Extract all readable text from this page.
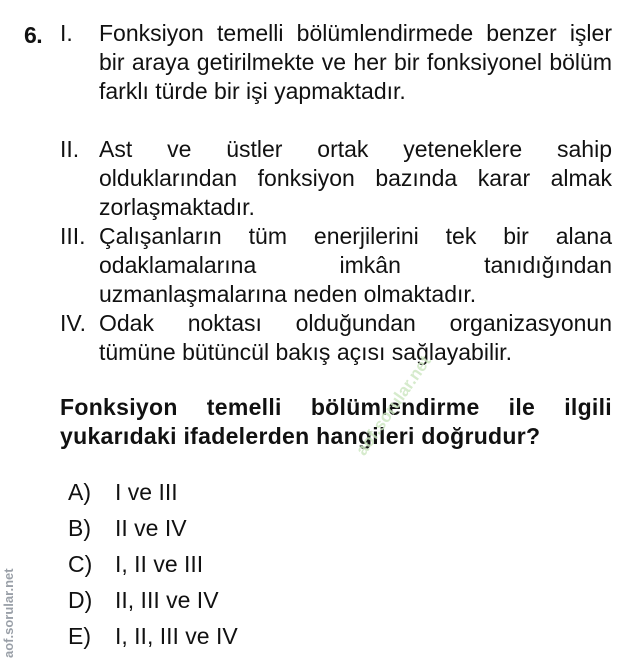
6. I. Fonksiyon temelli bölümlendirmede benzer işler bir araya getirilmekte ve her bir fonksiyonel bölüm farklı türde bir işi yapmaktadır.
II. Ast ve üstler ortak yeteneklere sahip olduklarından fonksiyon bazında karar almak zorlaşmaktadır.
III. Çalışanların tüm enerjilerini tek bir alana odaklamalarına imkân tanıdığından uzmanlaşmalarına neden olmaktadır.
IV. Odak noktası olduğundan organizasyonun tümüne bütüncül bakış açısı sağlayabilir.
Fonksiyon temelli bölümlendirme ile ilgili yukarıdaki ifadelerden hangileri doğrudur?
A) I ve III
B) II ve IV
C) I, II ve III
D) II, III ve IV
E) I, II, III ve IV
aof.sorular.net
aof.sorular.net
